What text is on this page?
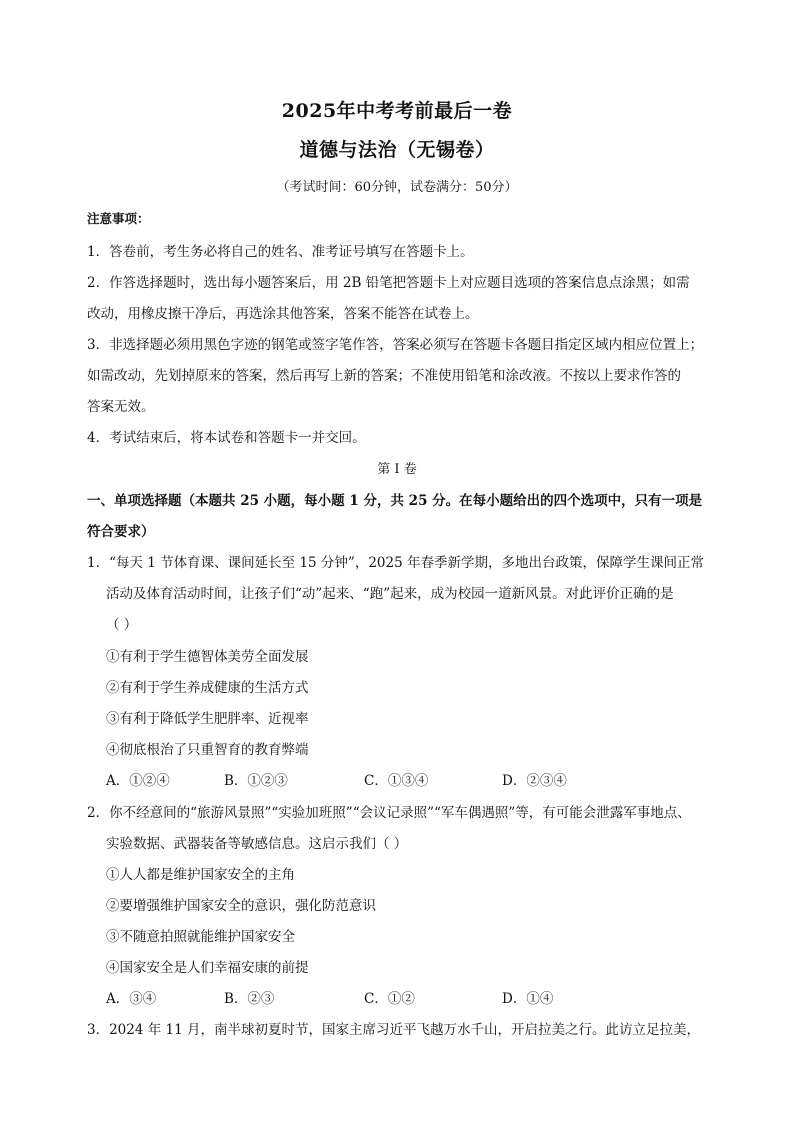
2025年中考考前最后一卷
道德与法治（无锡卷）
（考试时间：60分钟，试卷满分：50分）
注意事项：
1．答卷前，考生务必将自己的姓名、准考证号填写在答题卡上。
2．作答选择题时，选出每小题答案后，用 2B 铅笔把答题卡上对应题目选项的答案信息点涂黑；如需
改动，用橡皮擦干净后，再选涂其他答案，答案不能答在试卷上。
3．非选择题必须用黑色字迹的钢笔或签字笔作答，答案必须写在答题卡各题目指定区域内相应位置上；
如需改动，先划掉原来的答案，然后再写上新的答案；不准使用铅笔和涂改液。不按以上要求作答的
答案无效。
4．考试结束后，将本试卷和答题卡一并交回。
第 I 卷
一、单项选择题（本题共 25 小题，每小题 1 分，共 25 分。在每小题给出的四个选项中，只有一项是
符合要求）
1．“每天 1 节体育课、课间延长至 15 分钟”，2025 年春季新学期，多地出台政策，保障学生课间正常
活动及体育活动时间，让孩子们“动”起来、“跑”起来，成为校园一道新风景。对此评价正确的是
（ ）
①有利于学生德智体美劳全面发展
②有利于学生养成健康的生活方式
③有利于降低学生肥胖率、近视率
④彻底根治了只重智育的教育弊端
A．①②④	B．①②③	C．①③④	D．②③④
2．你不经意间的“旅游风景照”“实验加班照”“会议记录照”“军车偶遇照”等，有可能会泄露军事地点、
实验数据、武器装备等敏感信息。这启示我们（ ）
①人人都是维护国家安全的主角
②要增强维护国家安全的意识，强化防范意识
③不随意拍照就能维护国家安全
④国家安全是人们幸福安康的前提
A．③④	B．②③	C．①②	D．①④
3．2024 年 11 月，南半球初夏时节，国家主席习近平飞越万水千山，开启拉美之行。此访立足拉美，
